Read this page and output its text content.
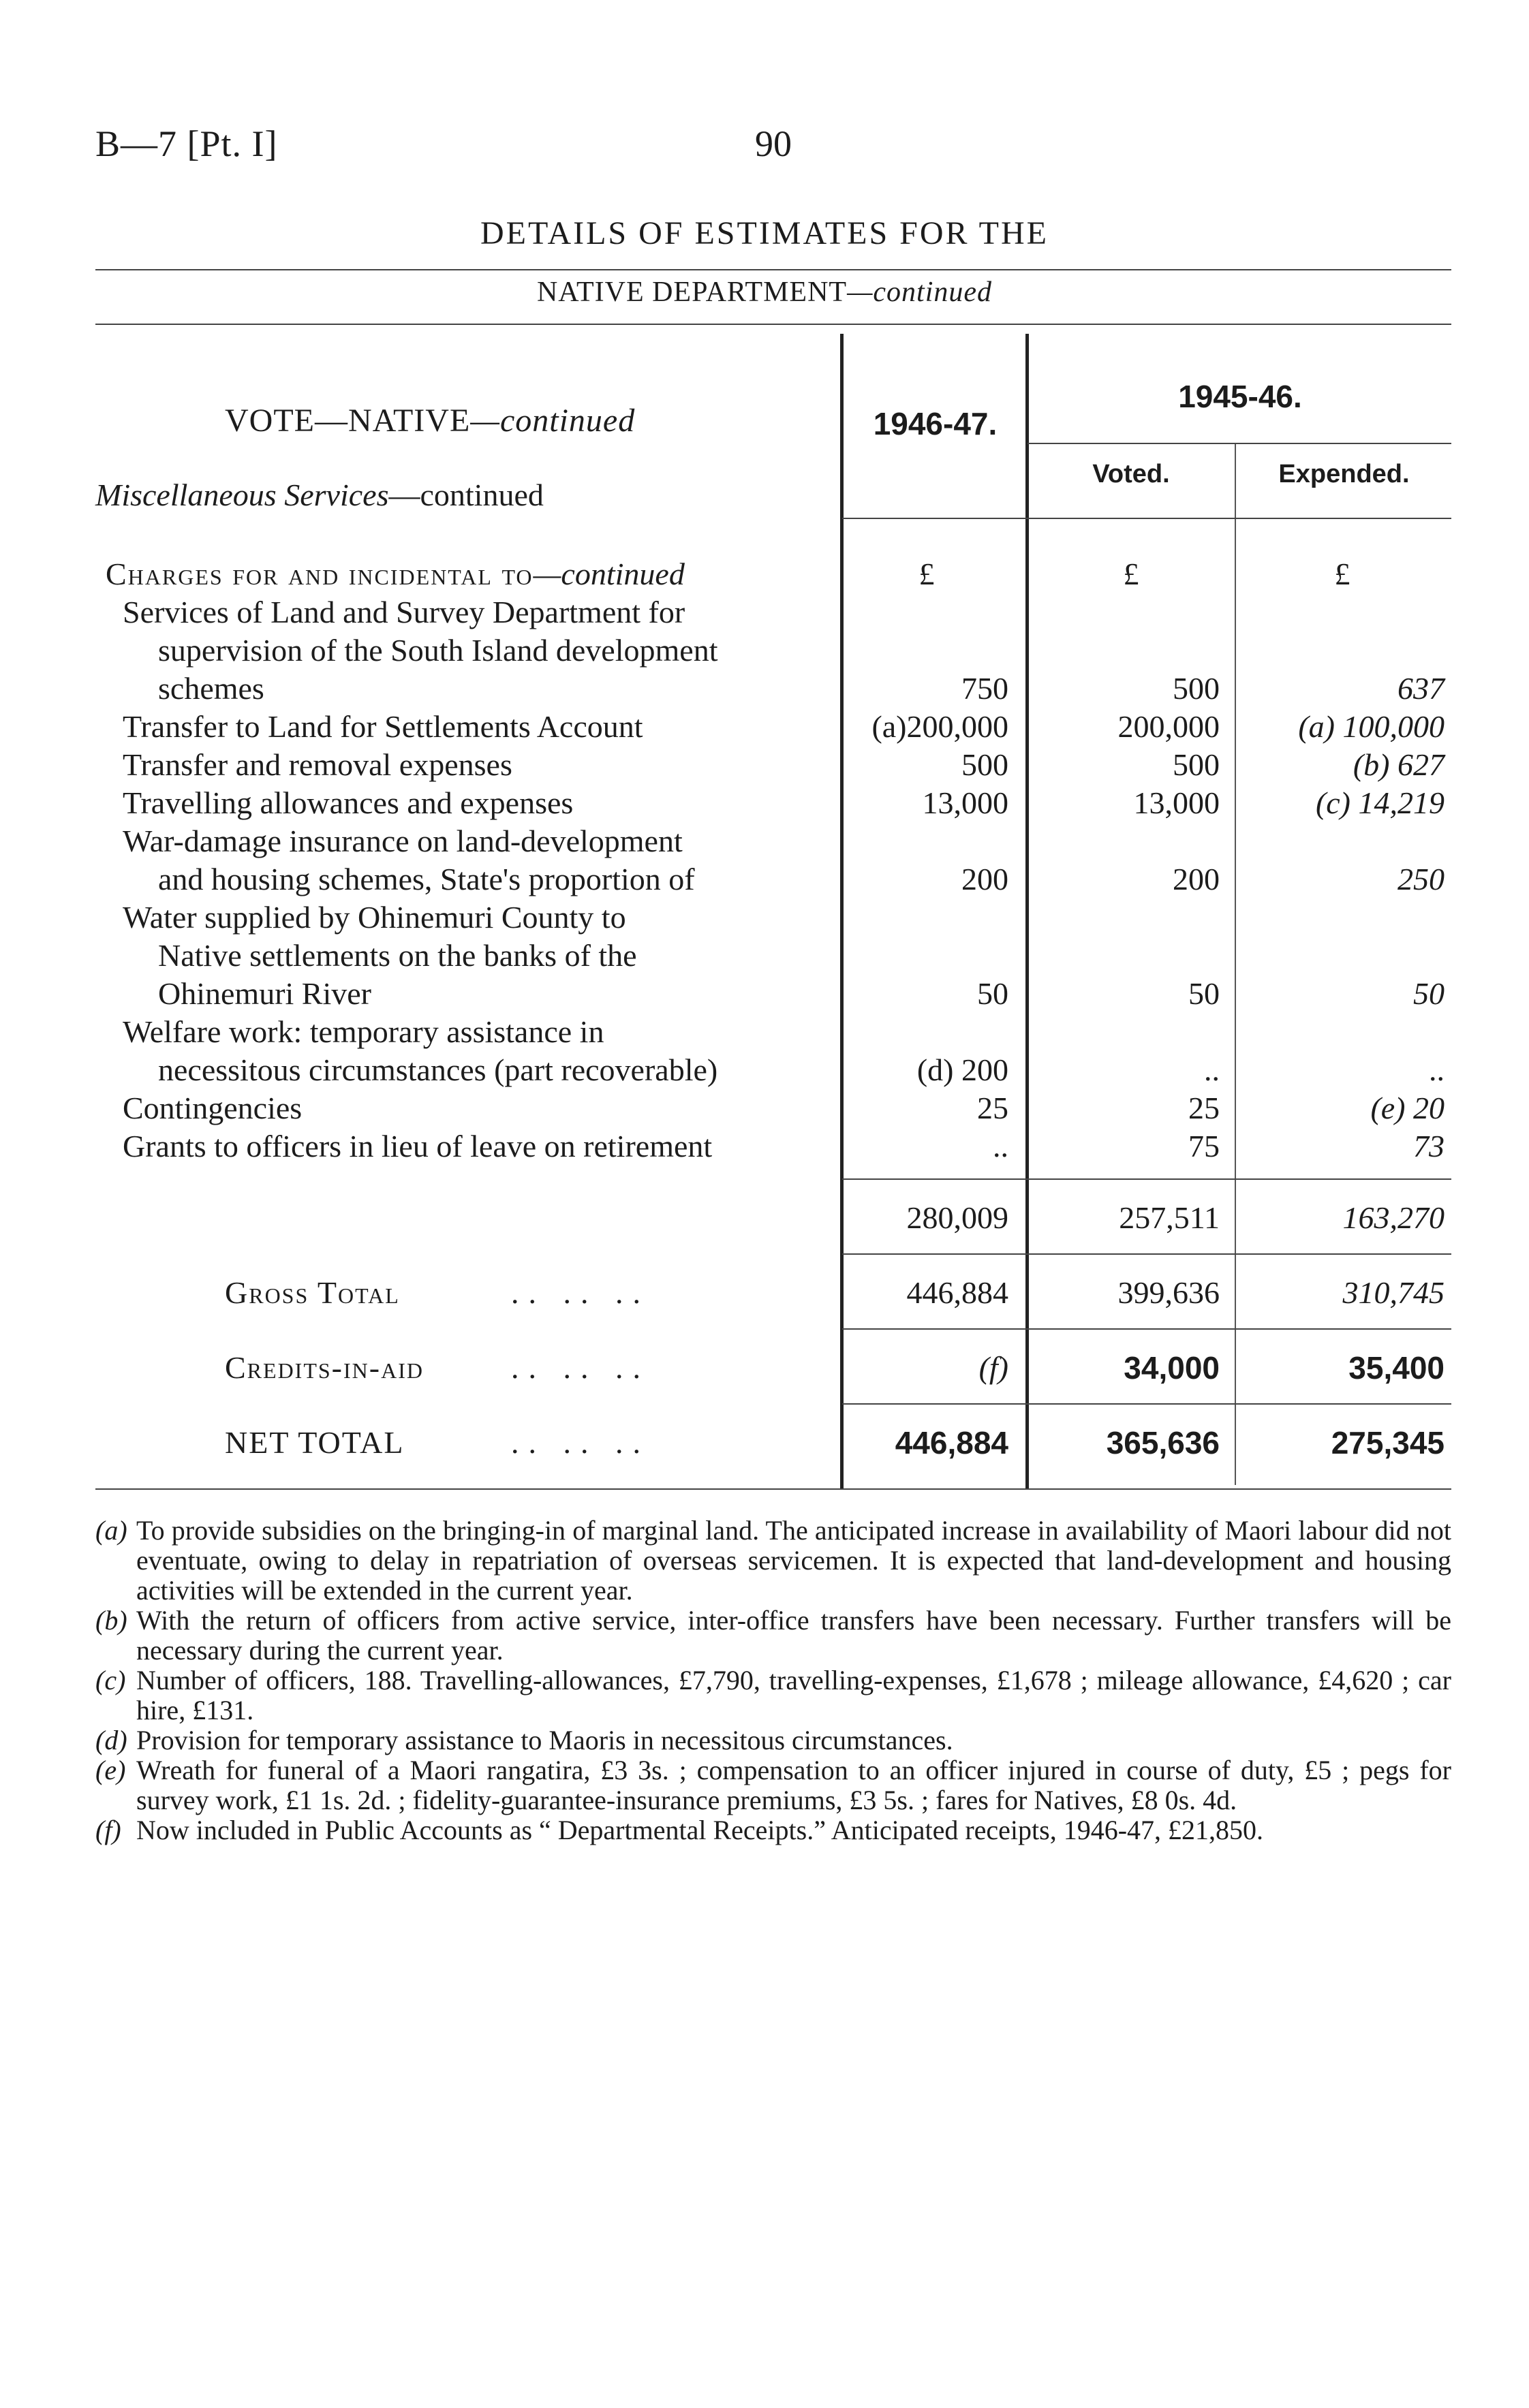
B—7 [Pt. I]	90
DETAILS OF ESTIMATES FOR THE
NATIVE DEPARTMENT—continued
1946-47.
1945-46.
Voted.	Expended.
VOTE—NATIVE—continued
Miscellaneous Services—continued
Charges for and incidental to—continued	£	£	£
Services of Land and Survey Department for
supervision of the South Island development
schemes	750	500	637
Transfer to Land for Settlements Account	(a)200,000	200,000	(a) 100,000
Transfer and removal expenses	500	500	(b) 627
Travelling allowances and expenses	13,000	13,000	(c) 14,219
War-damage insurance on land-development
and housing schemes, State's proportion of	200	200	250
Water supplied by Ohinemuri County to
Native settlements on the banks of the
Ohinemuri River	50	50	50
Welfare work: temporary assistance in
necessitous circumstances (part recoverable)	(d) 200	..	..
Contingencies	25	25	(e) 20
Grants to officers in lieu of leave on retirement	..	75	73
280,009	257,511	163,270
Gross Total	.. .. ..	446,884	399,636	310,745
Credits-in-aid	.. .. ..	(f)	34,000	35,400
NET TOTAL	.. .. ..	446,884	365,636	275,345
(a) To provide subsidies on the bringing-in of marginal land. The anticipated increase in availability of Maori labour did not eventuate, owing to delay in repatriation of overseas servicemen. It is expected that land-development and housing activities will be extended in the current year.
(b) With the return of officers from active service, inter-office transfers have been necessary. Further transfers will be necessary during the current year.
(c) Number of officers, 188. Travelling-allowances, £7,790, travelling-expenses, £1,678 ; mileage allowance, £4,620 ; car hire, £131.
(d) Provision for temporary assistance to Maoris in necessitous circumstances.
(e) Wreath for funeral of a Maori rangatira, £3 3s. ; compensation to an officer injured in course of duty, £5 ; pegs for survey work, £1 1s. 2d. ; fidelity-guarantee-insurance premiums, £3 5s. ; fares for Natives, £8 0s. 4d.
(f) Now included in Public Accounts as “ Departmental Receipts.” Anticipated receipts, 1946-47, £21,850.
